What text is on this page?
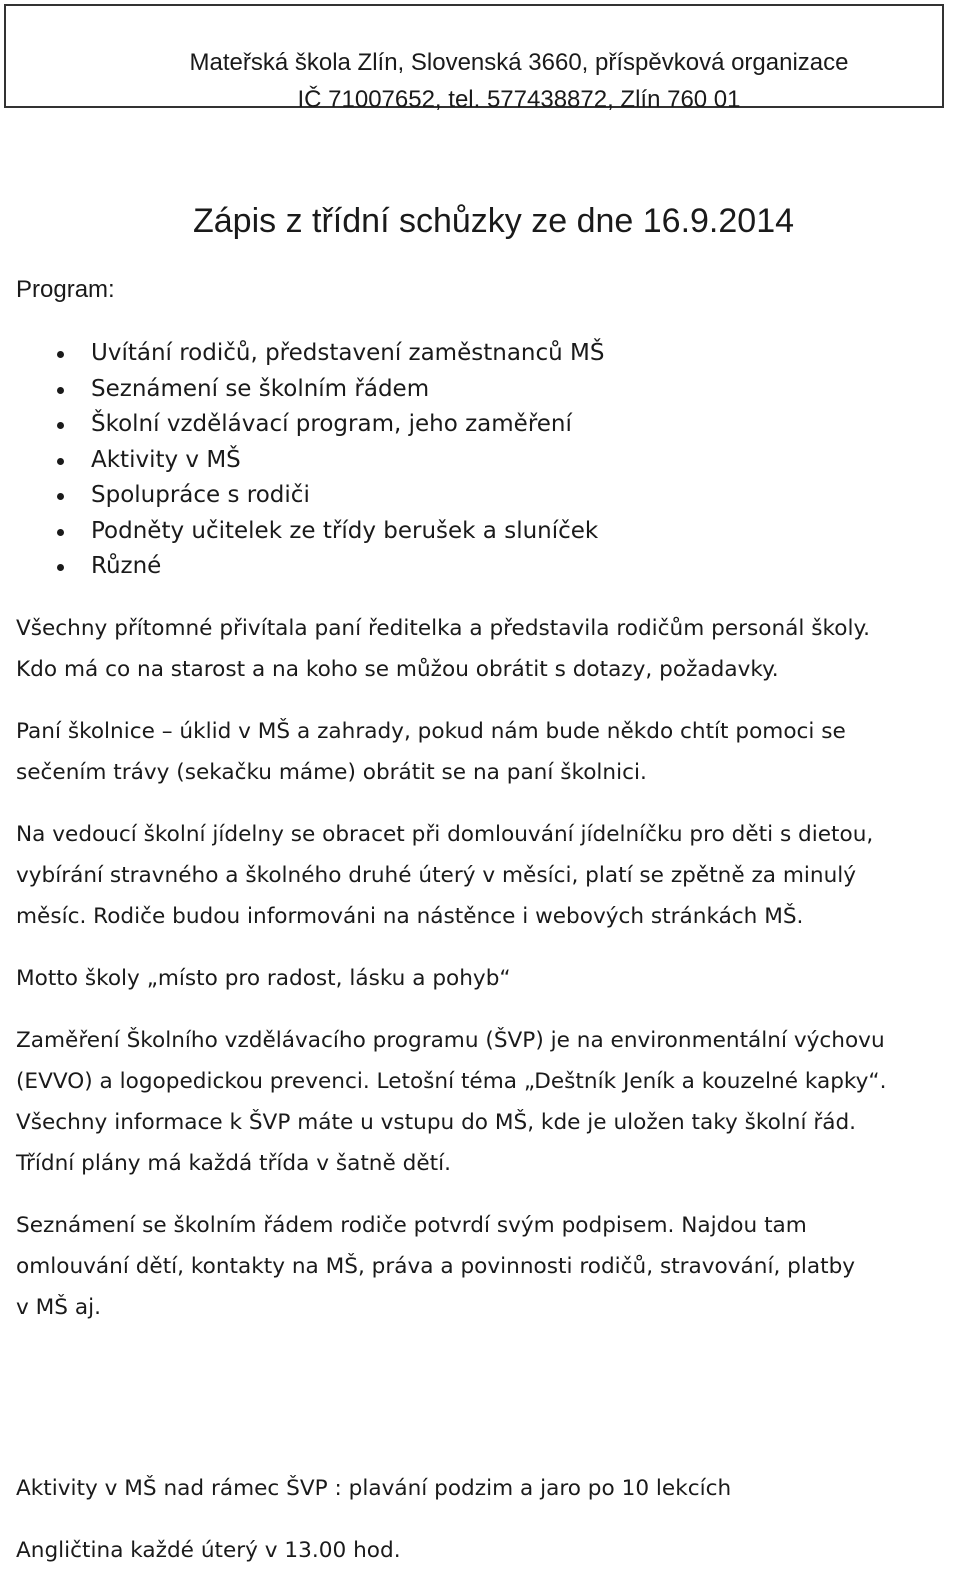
Mateřská škola Zlín, Slovenská 3660, příspěvková organizace
IČ 71007652, tel. 577438872, Zlín 760 01
Zápis z třídní schůzky ze dne 16.9.2014
Program:
Uvítání rodičů, představení zaměstnanců MŠ
Seznámení se školním řádem
Školní vzdělávací program, jeho zaměření
Aktivity v MŠ
Spolupráce s rodiči
Podněty učitelek ze třídy berušek a sluníček
Různé

Všechny přítomné přivítala paní ředitelka a představila rodičům personál školy.
Kdo má co na starost a na koho se můžou obrátit s dotazy, požadavky.

Paní školnice – úklid v MŠ a zahrady, pokud nám bude někdo chtít pomoci se
sečením trávy (sekačku máme) obrátit se na paní školnici.

Na vedoucí školní jídelny se obracet při domlouvání jídelníčku pro děti s dietou,
vybírání stravného a školného druhé úterý v měsíci, platí se zpětně za minulý
měsíc. Rodiče budou informováni na nástěnce i webových stránkách MŠ.

Motto školy „místo pro radost, lásku a pohyb“

Zaměření Školního vzdělávacího programu (ŠVP) je na environmentální výchovu
(EVVO) a logopedickou prevenci. Letošní téma „Deštník Jeník a kouzelné kapky“.
Všechny informace k ŠVP máte u vstupu do MŠ, kde je uložen taky školní řád.
Třídní plány má každá třída v šatně dětí.

Seznámení se školním řádem rodiče potvrdí svým podpisem. Najdou tam
omlouvání dětí, kontakty na MŠ, práva a povinnosti rodičů, stravování, platby
v MŠ aj.

Aktivity v MŠ nad rámec ŠVP : plavání podzim a jaro po 10 lekcích

Angličtina každé úterý v 13.00 hod.
